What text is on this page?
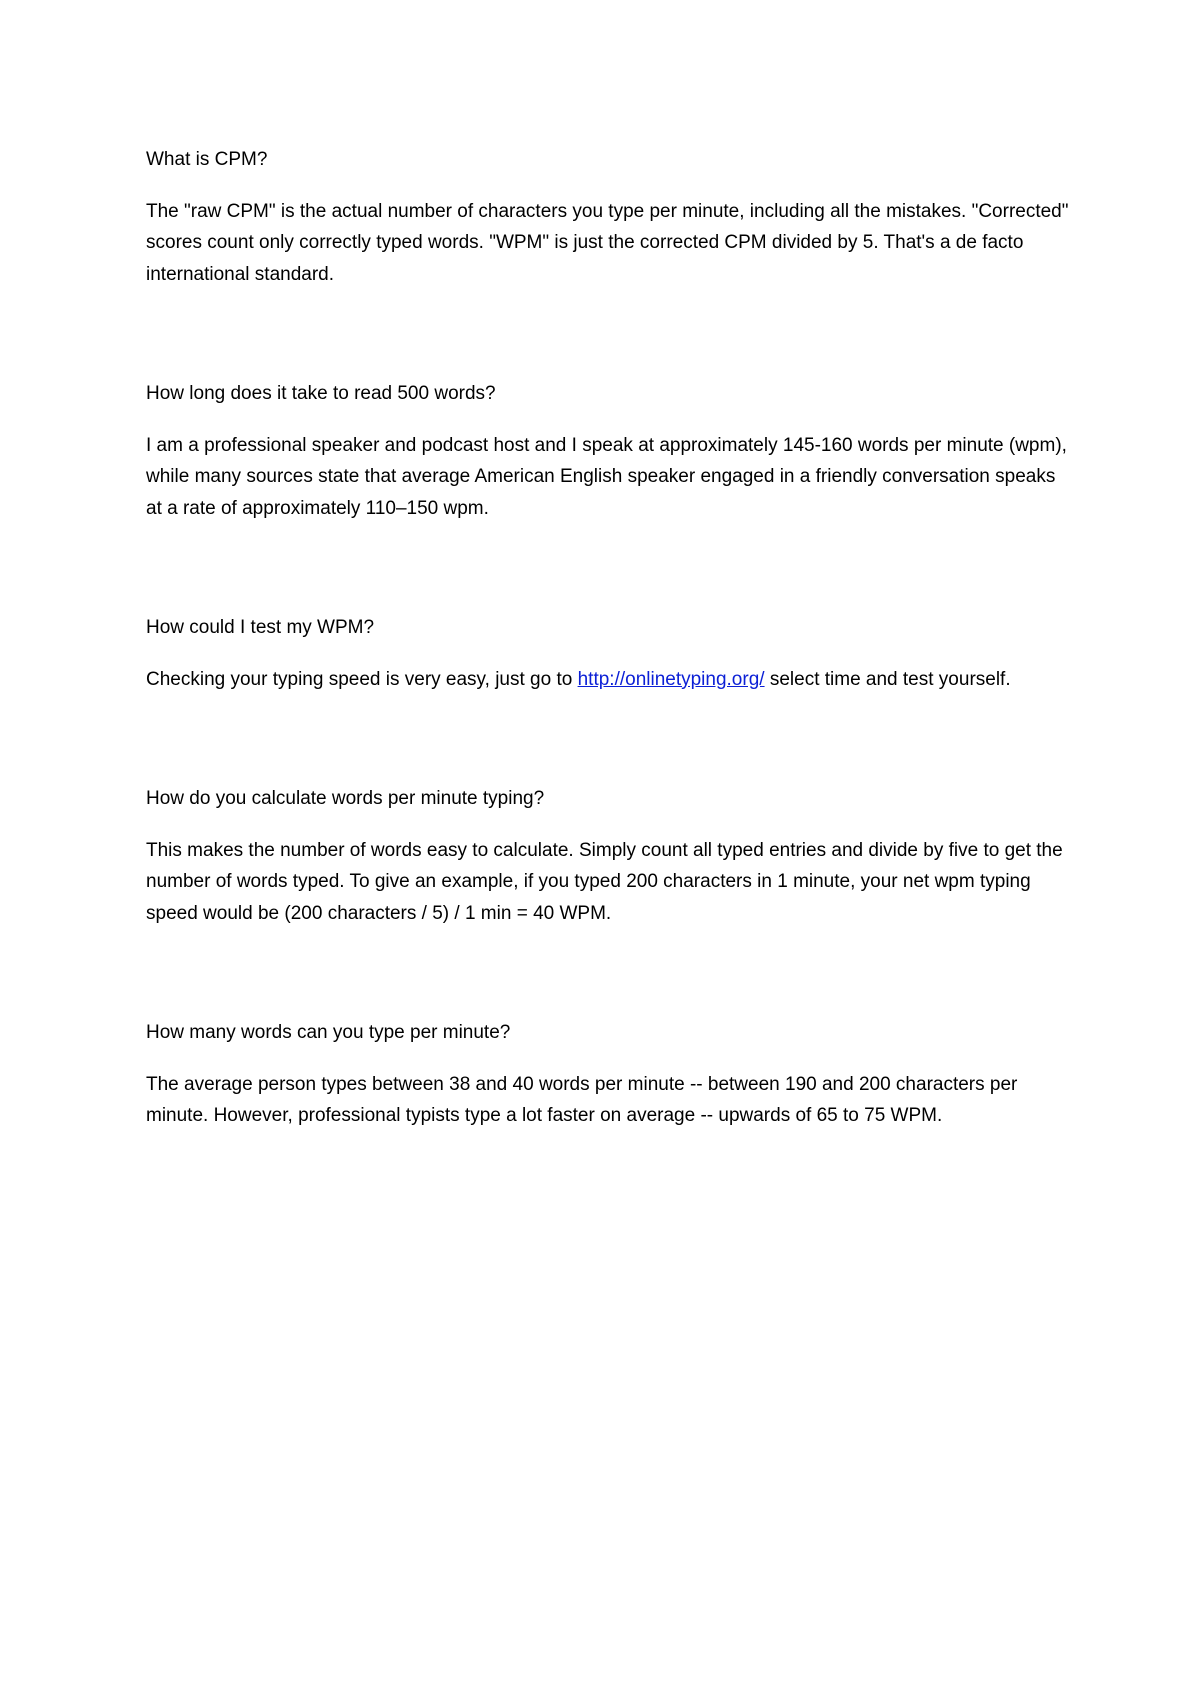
What is CPM?

The "raw CPM" is the actual number of characters you type per minute, including all the mistakes. "Corrected" scores count only correctly typed words. "WPM" is just the corrected CPM divided by 5. That's a de facto international standard.

How long does it take to read 500 words?

I am a professional speaker and podcast host and I speak at approximately 145-160 words per minute (wpm), while many sources state that average American English speaker engaged in a friendly conversation speaks at a rate of approximately 110–150 wpm.

How could I test my WPM?

Checking your typing speed is very easy, just go to http://onlinetyping.org/ select time and test yourself.

How do you calculate words per minute typing?

This makes the number of words easy to calculate. Simply count all typed entries and divide by five to get the number of words typed. To give an example, if you typed 200 characters in 1 minute, your net wpm typing speed would be (200 characters / 5) / 1 min = 40 WPM.

How many words can you type per minute?

The average person types between 38 and 40 words per minute -- between 190 and 200 characters per minute. However, professional typists type a lot faster on average -- upwards of 65 to 75 WPM.
